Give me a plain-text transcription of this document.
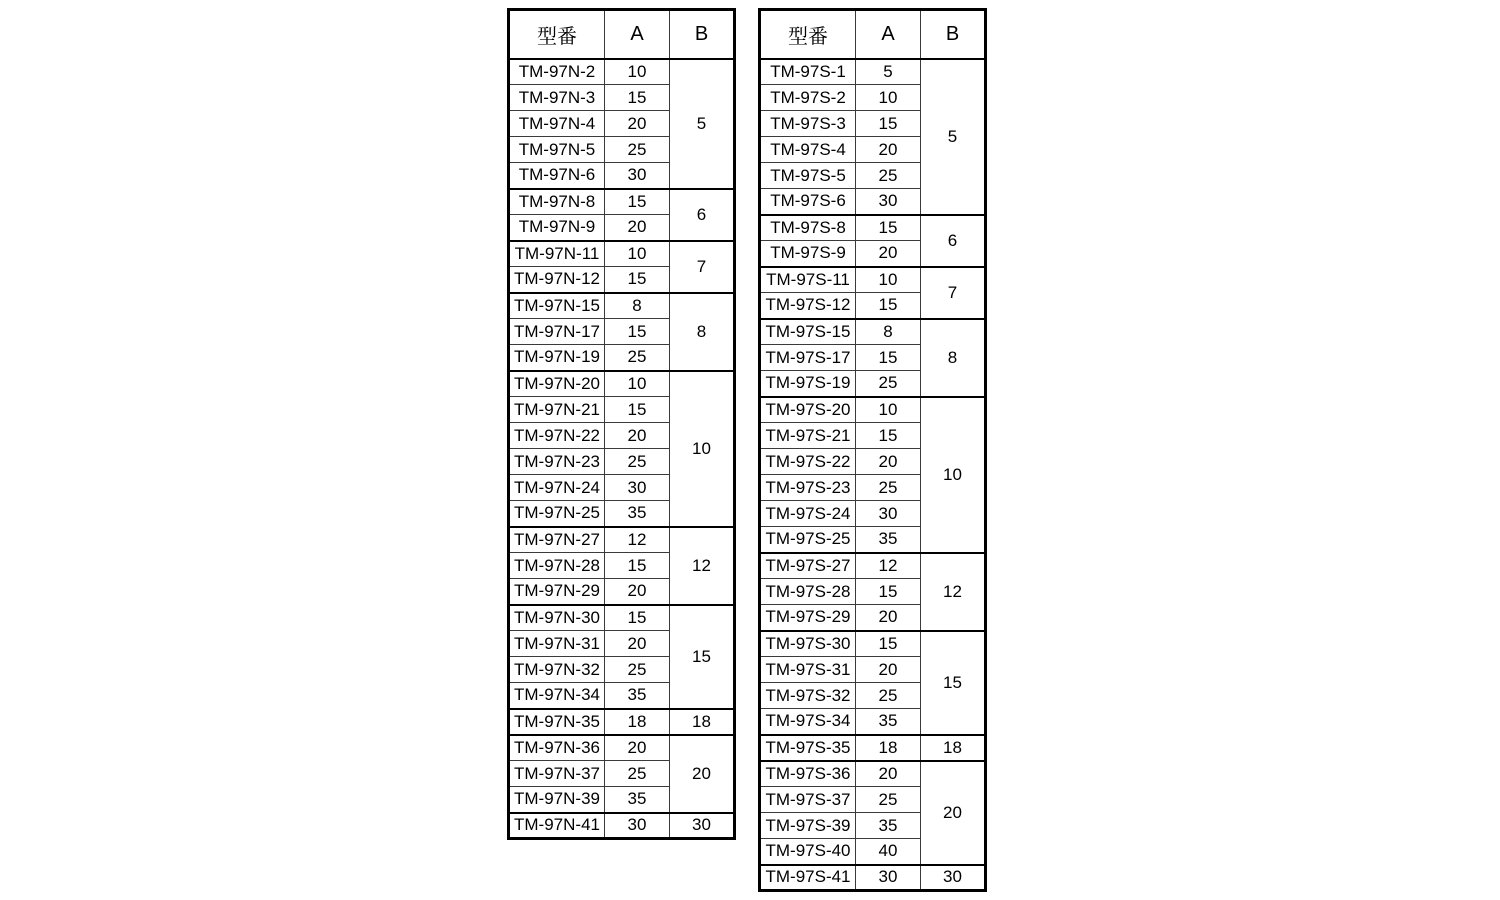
型番	A	B
TM-97N-2	10	5
TM-97N-3	15	
TM-97N-4	20	
TM-97N-5	25	
TM-97N-6	30	
TM-97N-8	15	6
TM-97N-9	20	
TM-97N-11	10	7
TM-97N-12	15	
TM-97N-15	8	8
TM-97N-17	15	
TM-97N-19	25	
TM-97N-20	10	10
TM-97N-21	15	
TM-97N-22	20	
TM-97N-23	25	
TM-97N-24	30	
TM-97N-25	35	
TM-97N-27	12	12
TM-97N-28	15	
TM-97N-29	20	
TM-97N-30	15	15
TM-97N-31	20	
TM-97N-32	25	
TM-97N-34	35	
TM-97N-35	18	18
TM-97N-36	20	20
TM-97N-37	25	
TM-97N-39	35	
TM-97N-41	30	30
型番	A	B
TM-97S-1	5	5
TM-97S-2	10	
TM-97S-3	15	
TM-97S-4	20	
TM-97S-5	25	
TM-97S-6	30	
TM-97S-8	15	6
TM-97S-9	20	
TM-97S-11	10	7
TM-97S-12	15	
TM-97S-15	8	8
TM-97S-17	15	
TM-97S-19	25	
TM-97S-20	10	10
TM-97S-21	15	
TM-97S-22	20	
TM-97S-23	25	
TM-97S-24	30	
TM-97S-25	35	
TM-97S-27	12	12
TM-97S-28	15	
TM-97S-29	20	
TM-97S-30	15	15
TM-97S-31	20	
TM-97S-32	25	
TM-97S-34	35	
TM-97S-35	18	18
TM-97S-36	20	20
TM-97S-37	25	
TM-97S-39	35	
TM-97S-40	40	
TM-97S-41	30	30
